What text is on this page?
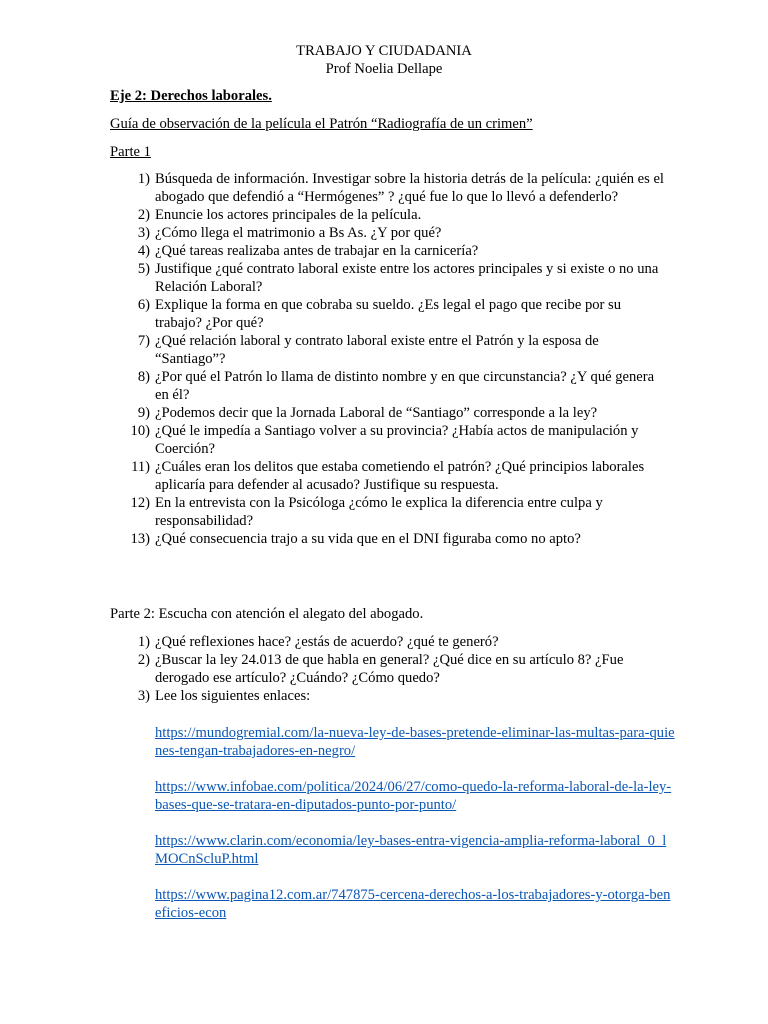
TRABAJO Y CIUDADANIA
Prof Noelia Dellape
Eje 2: Derechos laborales.
Guía de observación de la película el Patrón “Radiografía de un crimen”
Parte 1
1) Búsqueda de información. Investigar sobre la historia detrás de la película: ¿quién es el abogado que defendió a “Hermógenes” ? ¿qué fue lo que lo llevó a defenderlo?
2) Enuncie los actores principales de la película.
3) ¿Cómo llega el matrimonio a Bs As. ¿Y por qué?
4) ¿Qué tareas realizaba antes de trabajar en la carnicería?
5) Justifique ¿qué contrato laboral existe entre los actores principales y si existe o no una Relación Laboral?
6) Explique la forma en que cobraba su sueldo. ¿Es legal el pago que recibe por su trabajo? ¿Por qué?
7) ¿Qué relación laboral y contrato laboral existe entre el Patrón y la esposa de “Santiago”?
8) ¿Por qué el Patrón lo llama de distinto nombre y en que circunstancia? ¿Y qué genera en él?
9) ¿Podemos decir que la Jornada Laboral de “Santiago” corresponde a la ley?
10) ¿Qué le impedía a Santiago volver a su provincia? ¿Había actos de manipulación y Coerción?
11) ¿Cuáles eran los delitos que estaba cometiendo el patrón? ¿Qué principios laborales aplicaría para defender al acusado? Justifique su respuesta.
12) En la entrevista con la Psicóloga ¿cómo le explica la diferencia entre culpa y responsabilidad?
13) ¿Qué consecuencia trajo a su vida que en el DNI figuraba como no apto?
Parte 2: Escucha con atención el alegato del abogado.
1) ¿Qué reflexiones hace? ¿estás de acuerdo? ¿qué te generó?
2) ¿Buscar la ley 24.013 de que habla en general? ¿Qué dice en su artículo 8? ¿Fue derogado ese artículo? ¿Cuándo? ¿Cómo quedo?
3) Lee los siguientes enlaces:
https://mundogremial.com/la-nueva-ley-de-bases-pretende-eliminar-las-multas-para-quienes-tengan-trabajadores-en-negro/
https://www.infobae.com/politica/2024/06/27/como-quedo-la-reforma-laboral-de-la-ley-bases-que-se-tratara-en-diputados-punto-por-punto/
https://www.clarin.com/economia/ley-bases-entra-vigencia-amplia-reforma-laboral_0_lMOCnScluP.html
https://www.pagina12.com.ar/747875-cercena-derechos-a-los-trabajadores-y-otorga-beneficios-econ
